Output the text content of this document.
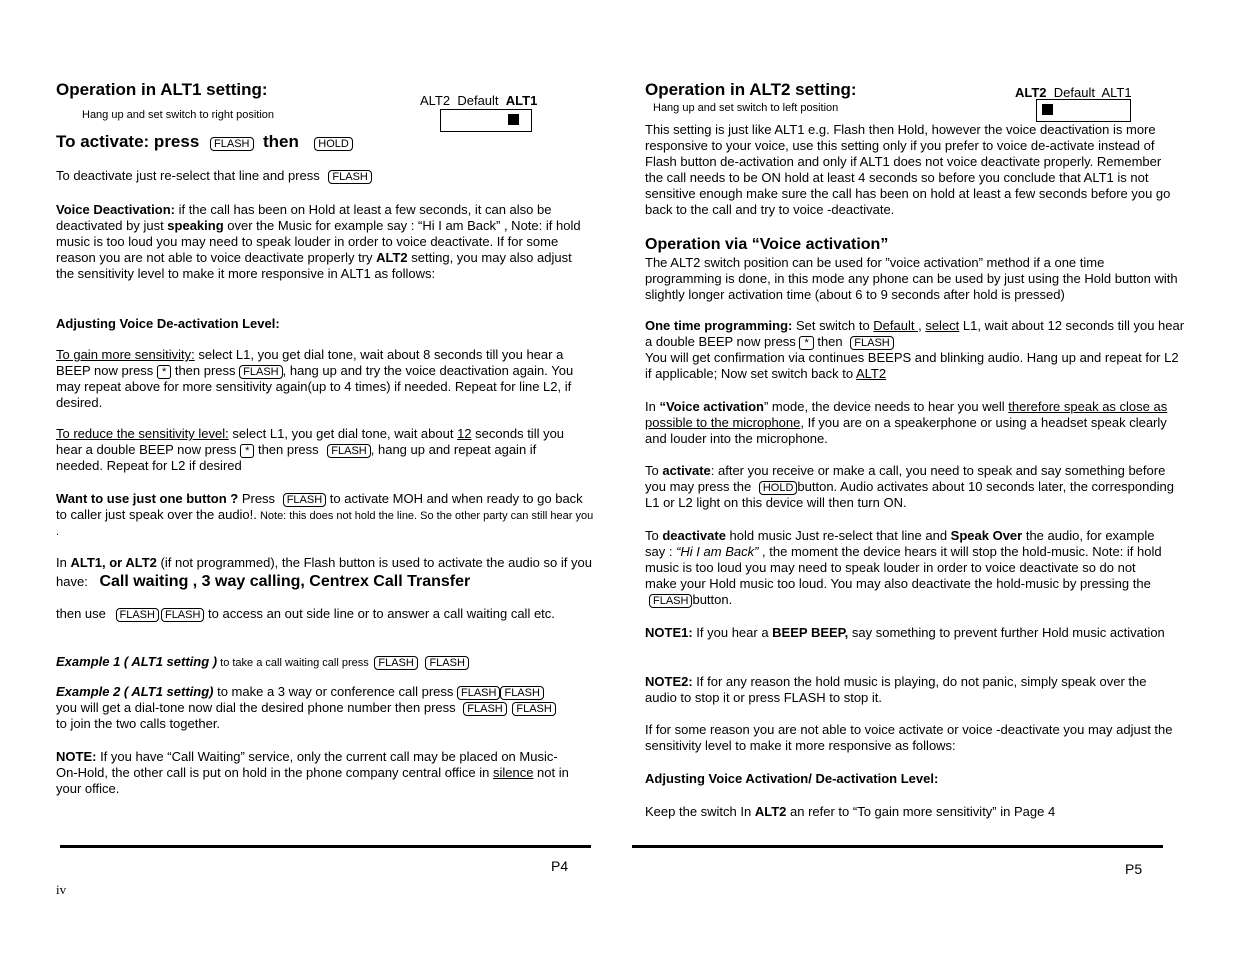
Operation in ALT1 setting:
Hang up and set switch to right position
ALT2 Default ALT1
To activate: press FLASH then HOLD
To deactivate just re-select that line and press FLASH
Voice Deactivation: if the call has been on Hold at least a few seconds, it can also be deactivated by just speaking over the Music for example say : “Hi I am Back” , Note: if hold music is too loud you may need to speak louder in order to voice deactivate. If for some reason you are not able to voice deactivate properly try ALT2 setting, you may also adjust the sensitivity level to make it more responsive in ALT1 as follows:
Adjusting Voice De-activation Level:
To gain more sensitivity: select L1, you get dial tone, wait about 8 seconds till you hear a BEEP now press * then press FLASH , hang up and try the voice deactivation again. You may repeat above for more sensitivity again(up to 4 times) if needed. Repeat for line L2, if desired.
To reduce the sensitivity level: select L1, you get dial tone, wait about 12 seconds till you hear a double BEEP now press * then press FLASH , hang up and repeat again if needed. Repeat for L2 if desired
Want to use just one button ? Press FLASH to activate MOH and when ready to go back to caller just speak over the audio!. Note: this does not hold the line. So the other party can still hear you .
In ALT1, or ALT2 (if not programmed), the Flash button is used to activate the audio so if you have: Call waiting , 3 way calling, Centrex Call Transfer
then use FLASH FLASH to access an out side line or to answer a call waiting call etc.
Example 1 ( ALT1 setting ) to take a call waiting call press FLASH FLASH
Example 2 ( ALT1 setting) to make a 3 way or conference call press FLASH FLASH
you will get a dial-tone now dial the desired phone number then press FLASH FLASH
to join the two calls together.
NOTE: If you have “Call Waiting” service, only the current call may be placed on Music-On-Hold, the other call is put on hold in the phone company central office in silence not in your office.
P4
iv
Operation in ALT2 setting:
Hang up and set switch to left position
ALT2 Default ALT1
This setting is just like ALT1 e.g. Flash then Hold, however the voice deactivation is more responsive to your voice, use this setting only if you prefer to voice de-activate instead of Flash button de-activation and only if ALT1 does not voice deactivate properly. Remember the call needs to be ON hold at least 4 seconds so before you conclude that ALT1 is not sensitive enough make sure the call has been on hold at least a few seconds before you go back to the call and try to voice -deactivate.
Operation via “Voice activation”
The ALT2 switch position can be used for ”voice activation” method if a one time programming is done, in this mode any phone can be used by just using the Hold button with slightly longer activation time (about 6 to 9 seconds after hold is pressed)
One time programming: Set switch to Default , select L1, wait about 12 seconds till you hear a double BEEP now press * then FLASH
You will get confirmation via continues BEEPS and blinking audio. Hang up and repeat for L2 if applicable; Now set switch back to ALT2
In “Voice activation” mode, the device needs to hear you well therefore speak as close as possible to the microphone, If you are on a speakerphone or using a headset speak clearly and louder into the microphone.
To activate: after you receive or make a call, you need to speak and say something before you may press the HOLD button. Audio activates about 10 seconds later, the corresponding L1 or L2 light on this device will then turn ON.
To deactivate hold music Just re-select that line and Speak Over the audio, for example say : “Hi I am Back” , the moment the device hears it will stop the hold-music. Note: if hold music is too loud you may need to speak louder in order to voice deactivate so do not make your Hold music too loud. You may also deactivate the hold-music by pressing the FLASH button.
NOTE1: If you hear a BEEP BEEP, say something to prevent further Hold music activation
NOTE2: If for any reason the hold music is playing, do not panic, simply speak over the audio to stop it or press FLASH to stop it.
If for some reason you are not able to voice activate or voice -deactivate you may adjust the sensitivity level to make it more responsive as follows:
Adjusting Voice Activation/ De-activation Level:
Keep the switch In ALT2 an refer to “To gain more sensitivity” in Page 4
P5
